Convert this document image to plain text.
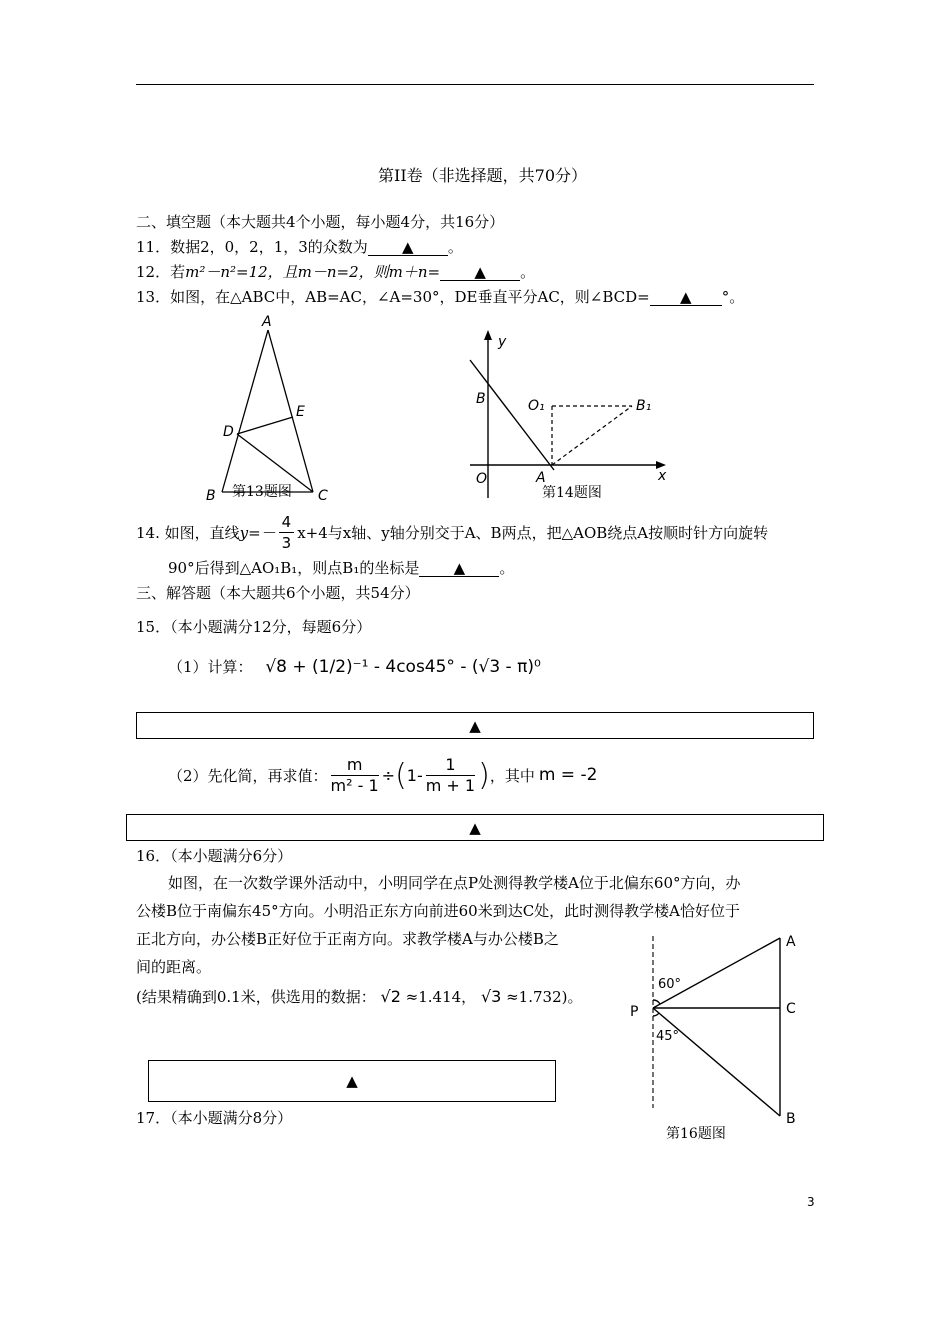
第II卷（非选择题，共70分）
二、填空题（本大题共4个小题，每小题4分，共16分）
11．数据2，0，2，1，3的众数为 ▲ 。
12．若m²－n²=12，且m－n=2，则m＋n= ▲ 。
13．如图，在△ABC中，AB=AC，∠A=30°，DE垂直平分AC，则∠BCD= ▲ °。
A
D
E
B	C
第13题图
y
x
O	A
B	O₁	B₁
第14题图
14. 如图，直线 $y=- \frac{4}{3} x+4$与x轴、y轴分别交于A、B两点，把△AOB绕点A按顺时针方向旋转
90°后得到△AO₁B₁，则点B₁的坐标是 ▲ 。
三、解答题（本大题共6个小题，共54分）
15．（本小题满分12分，每题6分）
（1）计算： √8 + (1/2)⁻¹ - 4cos45° - (√3 - π)⁰
▲
（2）先化简，再求值： $\frac{m}{\text{m² - 1}}$ ÷ ( $1- \frac{1}{m + 1}$ ) ，其中 m = -2
▲
16．（本小题满分6分）
如图，在一次数学课外活动中，小明同学在点P处测得教学楼A位于北偏东60°方向，办
公楼B位于南偏东45°方向。小明沿正东方向前进60米到达C处，此时测得教学楼A恰好位于
正北方向，办公楼B正好位于正南方向。求教学楼A与办公楼B之
间的距离。
(结果精确到0.1米，供选用的数据： √2 ≈1.414， √3 ≈1.732)。
▲
17．（本小题满分8分）
60°
45°
P
A
C
B
第16题图
3
